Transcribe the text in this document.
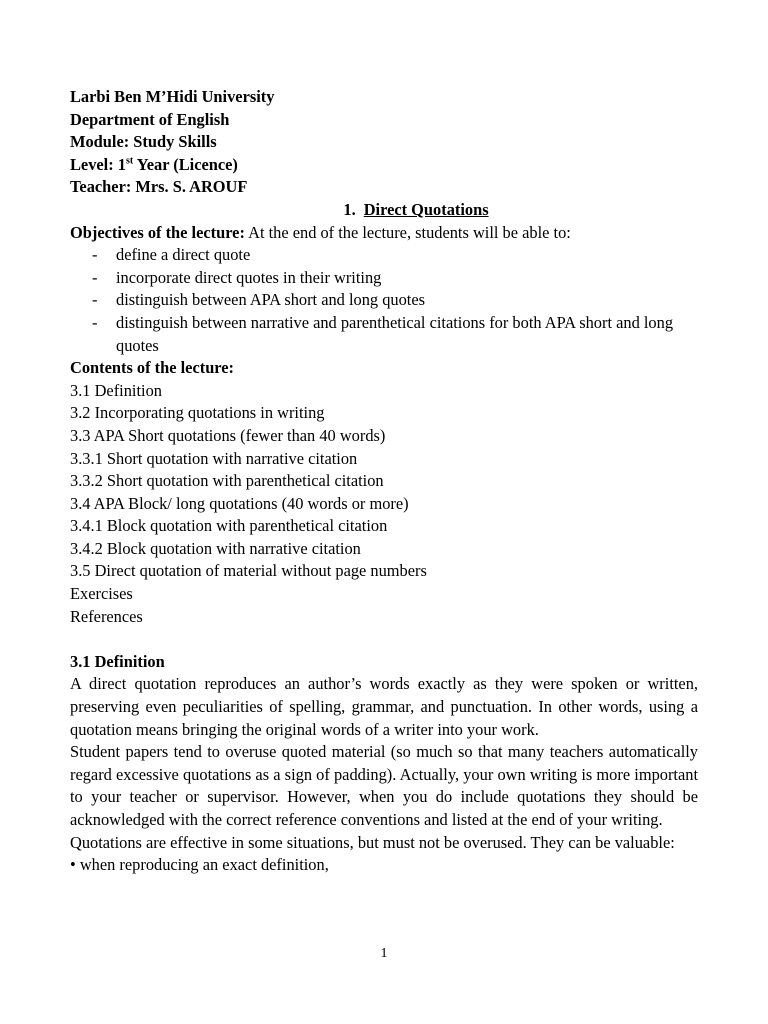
Larbi Ben M’Hidi University
Department of English
Module: Study Skills
Level: 1st Year (Licence)
Teacher: Mrs. S. AROUF
1. Direct Quotations
Objectives of the lecture: At the end of the lecture, students will be able to:
- define a direct quote
- incorporate direct quotes in their writing
- distinguish between APA short and long quotes
- distinguish between narrative and parenthetical citations for both APA short and long quotes
Contents of the lecture:
3.1 Definition
3.2 Incorporating quotations in writing
3.3 APA Short quotations (fewer than 40 words)
3.3.1 Short quotation with narrative citation
3.3.2 Short quotation with parenthetical citation
3.4 APA Block/ long quotations (40 words or more)
3.4.1 Block quotation with parenthetical citation
3.4.2 Block quotation with narrative citation
3.5 Direct quotation of material without page numbers
Exercises
References
3.1 Definition

A direct quotation reproduces an author’s words exactly as they were spoken or written, preserving even peculiarities of spelling, grammar, and punctuation. In other words, using a quotation means bringing the original words of a writer into your work.

Student papers tend to overuse quoted material (so much so that many teachers automatically regard excessive quotations as a sign of padding). Actually, your own writing is more important to your teacher or supervisor. However, when you do include quotations they should be acknowledged with the correct reference conventions and listed at the end of your writing.

Quotations are effective in some situations, but must not be overused. They can be valuable:

• when reproducing an exact definition,
1
